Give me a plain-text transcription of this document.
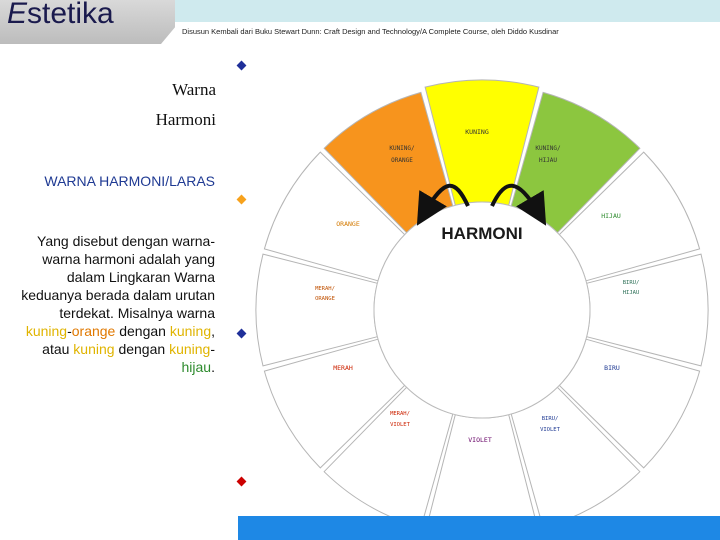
Estetika
Disusun Kembali dari Buku Stewart Dunn: Craft Design and Technology/A Complete Course, oleh Diddo Kusdinar
Warna
Harmoni
WARNA HARMONI/LARAS
Yang disebut dengan warna-warna harmoni adalah yang dalam Lingkaran Warna keduanya berada dalam urutan terdekat. Misalnya warna kuning-orange dengan kuning, atau kuning dengan kuning-hijau.
HARMONI
KUNING
KUNING/
ORANGE
KUNING/
HIJAU
ORANGE
HIJAU
MERAH/
ORANGE
BIRU/
HIJAU
MERAH	BIRU
MERAH/
VIOLET
BIRU/
VIOLET
VIOLET
